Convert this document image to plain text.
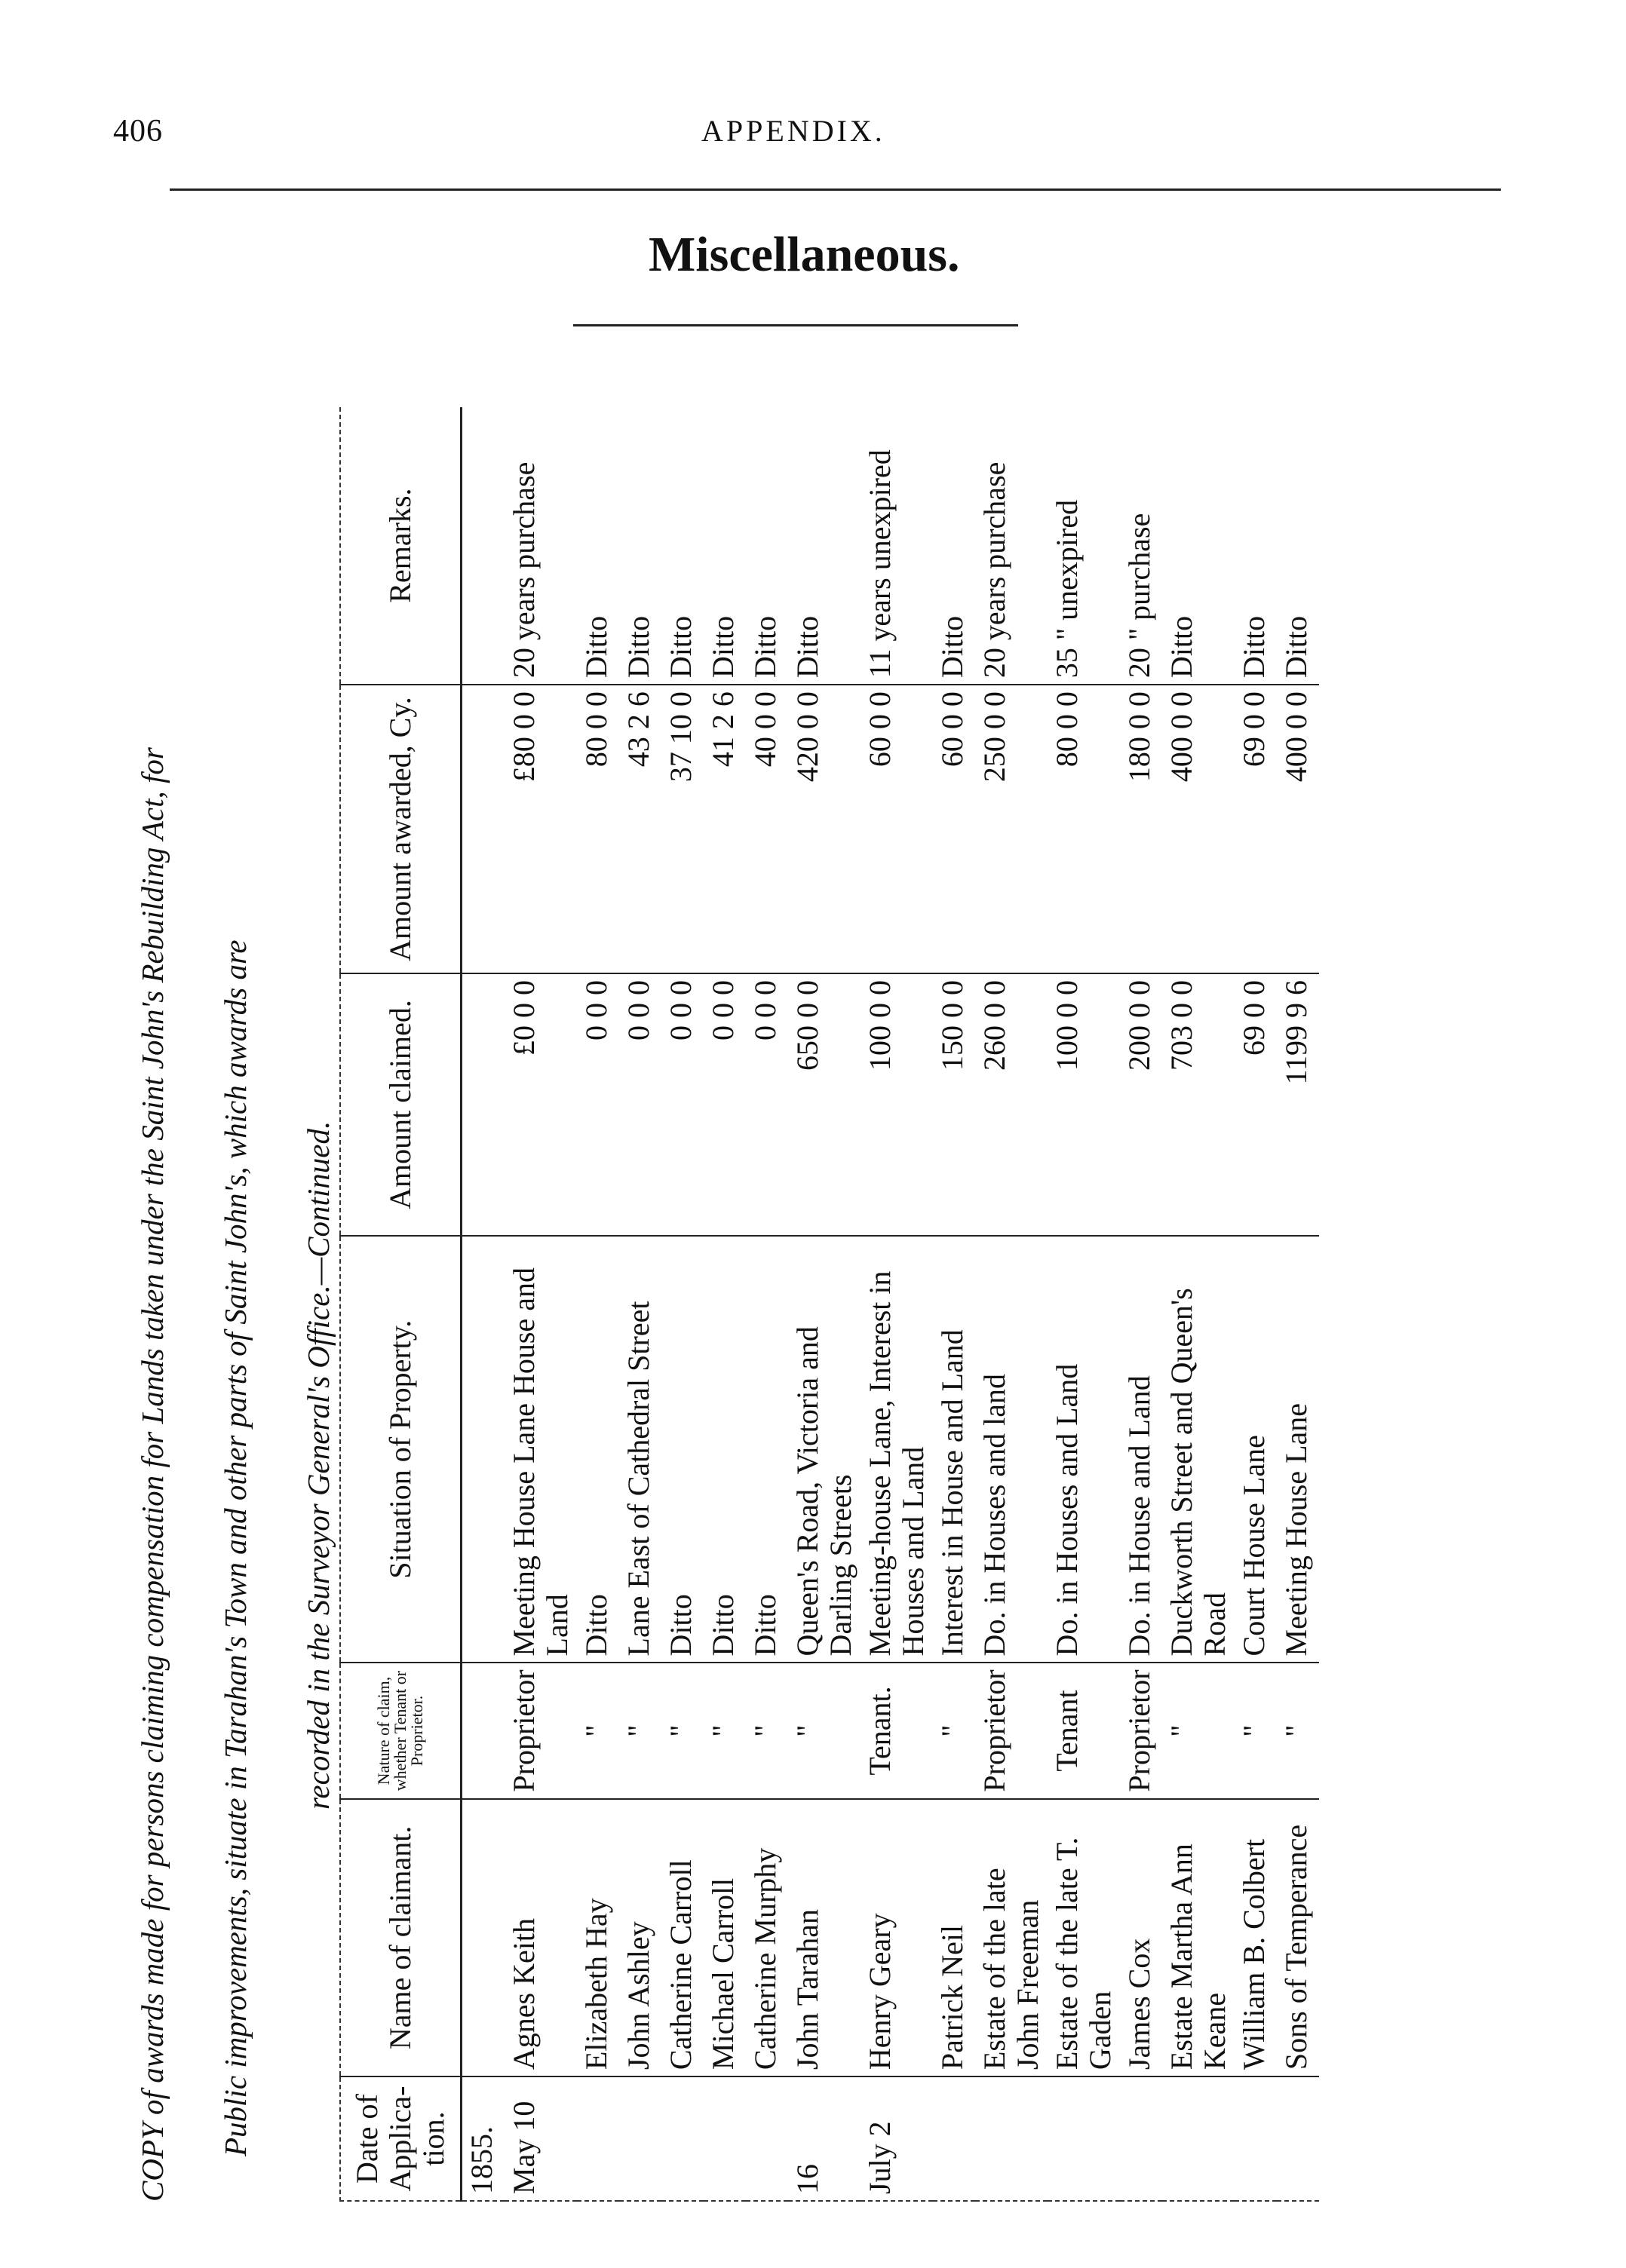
406	APPENDIX.
Miscellaneous.
COPY of awards made for persons claiming compensation for Lands taken under the Saint John's Rebuilding Act, for	Public improvements, situate in Tarahan's Town and other parts of Saint John's, which awards are	recorded in the Surveyor General's Office.—Continued.
Date of Applica-tion.	Name of claimant.	Nature of claim, whether Tenant or Proprietor.	Situation of Property.	Amount claimed.	Amount awarded, Cy.	Remarks.
1855.						
May 10	Agnes Keith	Proprietor	Meeting House Lane House and Land	£0 0 0	£80 0 0	20 years purchase
	Elizabeth Hay	"	Ditto	0 0 0	80 0 0	Ditto
	John Ashley	"	Lane East of Cathedral Street	0 0 0	43 2 6	Ditto
	Catherine Carroll	"	Ditto	0 0 0	37 10 0	Ditto
	Michael Carroll	"	Ditto	0 0 0	41 2 6	Ditto
	Catherine Murphy	"	Ditto	0 0 0	40 0 0	Ditto
16	John Tarahan	"	Queen's Road, Victoria and Darling Streets	650 0 0	420 0 0	Ditto
July 2	Henry Geary	Tenant.	Meeting-house Lane, Interest in Houses and Land	100 0 0	60 0 0	11 years unexpired
	Patrick Neil	"	Interest in House and Land	150 0 0	60 0 0	Ditto
	Estate of the late John Freeman	Proprietor	Do. in Houses and land	260 0 0	250 0 0	20 years purchase
	Estate of the late T. Gaden	Tenant	Do. in Houses and Land	100 0 0	80 0 0	35 " unexpired
	James Cox	Proprietor	Do. in House and Land	200 0 0	180 0 0	20 " purchase
	Estate Martha Ann Keane	"	Duckworth Street and Queen's Road	703 0 0	400 0 0	Ditto
	William B. Colbert	"	Court House Lane	69 0 0	69 0 0	Ditto
	Sons of Temperance	"	Meeting House Lane	1199 9 6	400 0 0	Ditto
